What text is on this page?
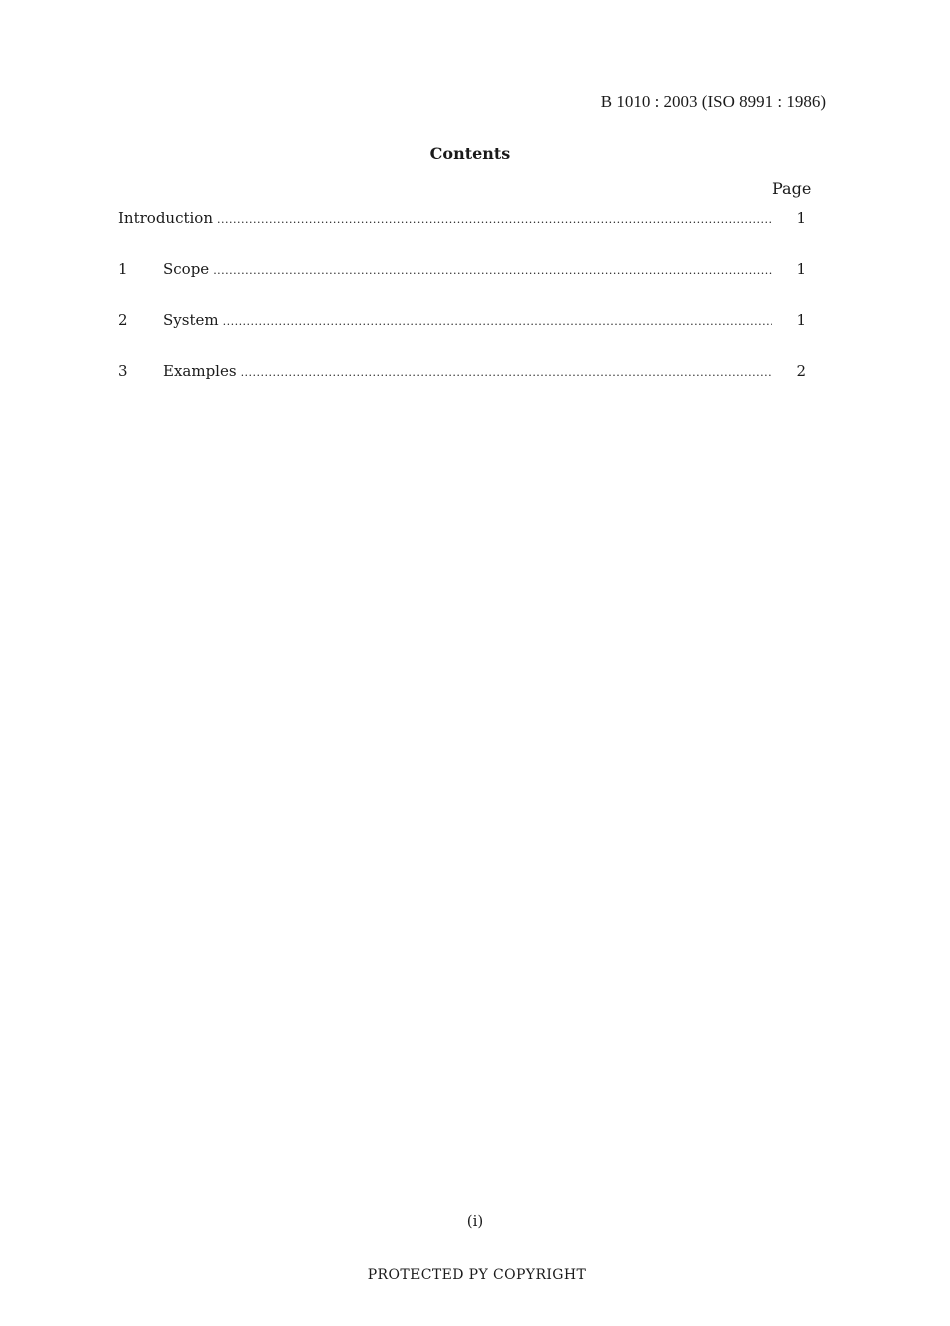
B 1010 : 2003 (ISO 8991 : 1986)
Contents
Page
Introduction .....	1
1	Scope .....	1
2	System .....	1
3	Examples .....	2
(i)
PROTECTED PY COPYRIGHT
